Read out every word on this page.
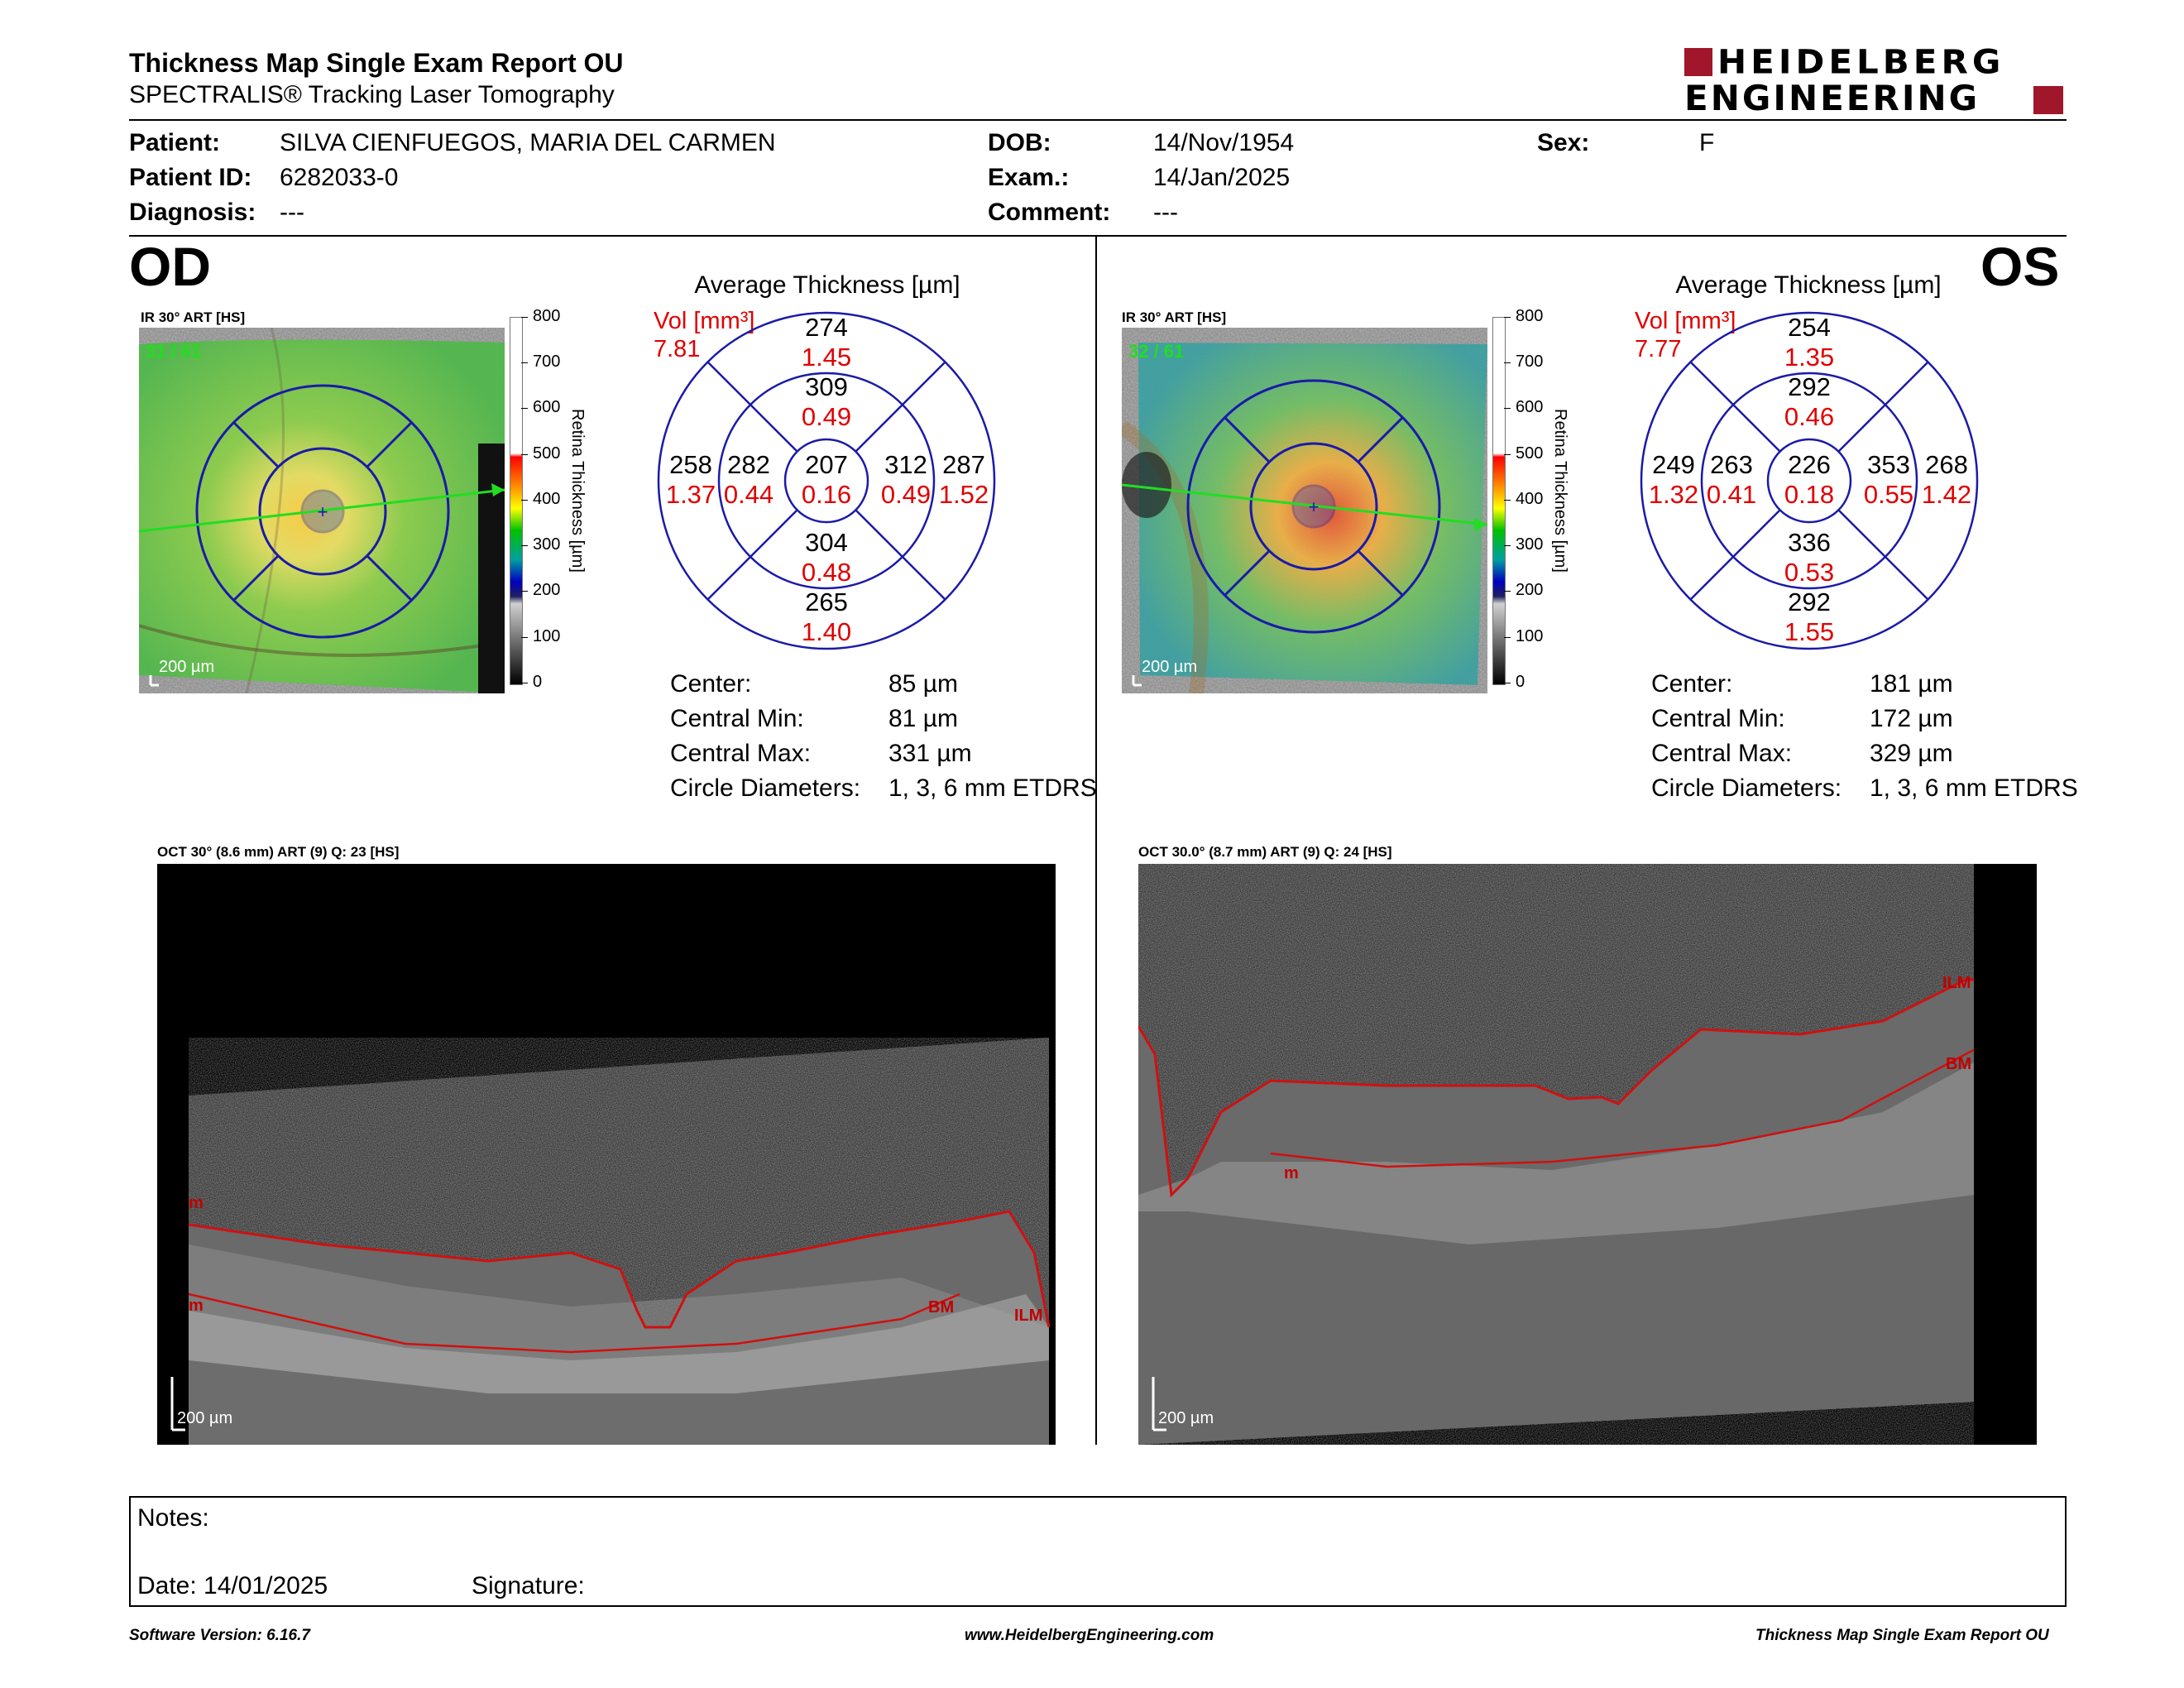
Thickness Map Single Exam Report OU
SPECTRALIS® Tracking Laser Tomography
HEIDELBERG
ENGINEERING
Patient: SILVA CIENFUEGOS, MARIA DEL CARMEN
Patient ID: 6282033-0
Diagnosis: ---
DOB:	14/Nov/1954
Exam.:	14/Jan/2025
Comment: ---
Sex:	F
OD
IR 30° ART [HS]
+
31 / 61
200 µm
800
700
600
500
400
300
200
100
0
Retina Thickness [µm]
Average Thickness [µm]
Vol [mm³]
7.81
274
1.45
309
0.49
258
1.37
282
0.44
207
0.16
312
0.49
287
1.52
304
0.48
265
1.40
Center:	85 µm
Central Min:	81 µm
Central Max:	331 µm
Circle Diameters: 1, 3, 6 mm ETDRS
OCT 30° (8.6 mm) ART (9) Q: 23 [HS]
m
m	BM	ILM
200 µm
OS
IR 30° ART [HS]
+
32 / 61
200 µm
800
700
600
500
400
300
200
100
0
Retina Thickness [µm]
Average Thickness [µm]
Vol [mm³]
7.77
254
1.35
292
0.46
249
1.32
263
0.41
226
0.18
353
0.55
268
1.42
336
0.53
292
1.55
Center:	181 µm
Central Min:	172 µm
Central Max:	329 µm
Circle Diameters: 1, 3, 6 mm ETDRS
OCT 30.0° (8.7 mm) ART (9) Q: 24 [HS]
ILM
BM
m
200 µm
Notes:
Date: 14/01/2025	Signature:
Software Version: 6.16.7	www.HeidelbergEngineering.com	Thickness Map Single Exam Report OU
